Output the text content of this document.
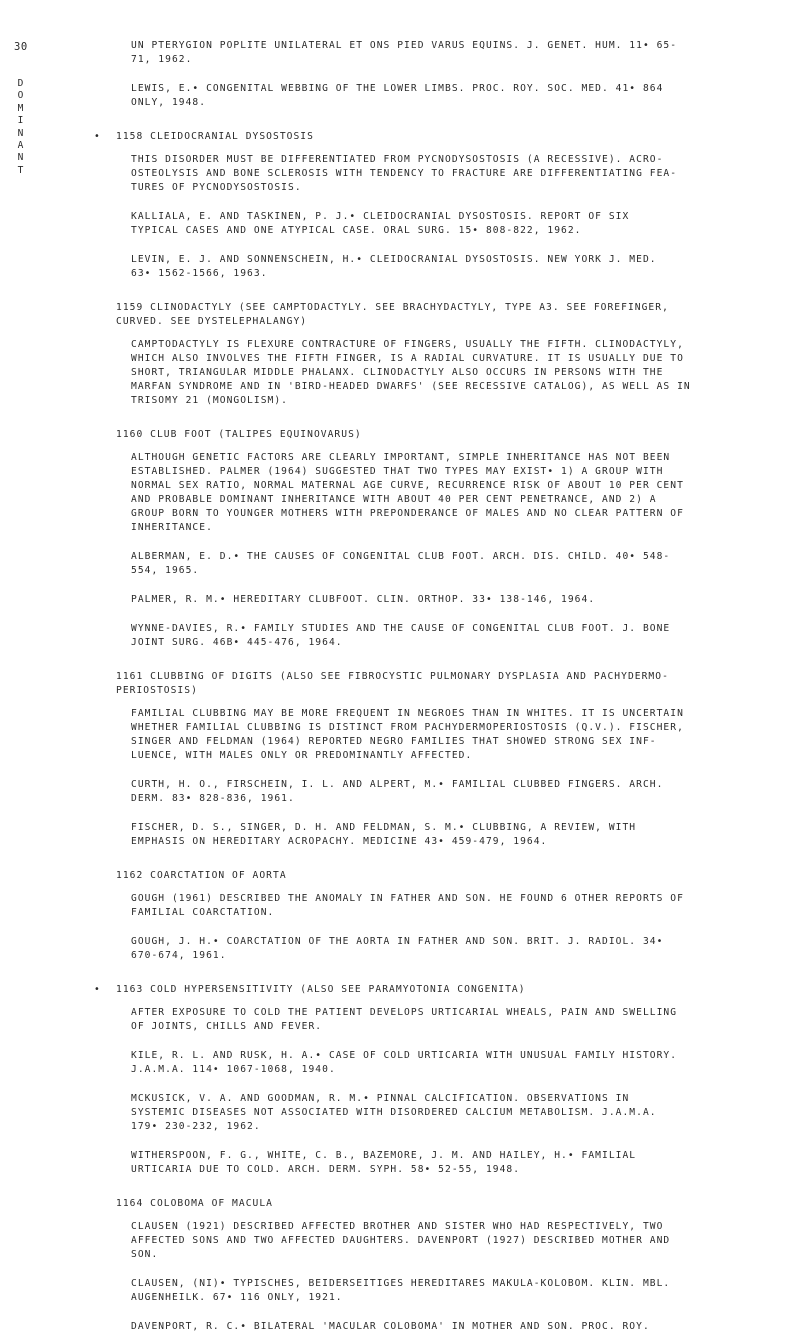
30
D
O
M
I
N
A
N
T

UN PTERYGION POPLITE UNILATERAL ET ONS PIED VARUS EQUINS. J. GENET. HUM. 11• 65-
71, 1962.

LEWIS, E.• CONGENITAL WEBBING OF THE LOWER LIMBS. PROC. ROY. SOC. MED. 41• 864
ONLY, 1948.

• 1158 CLEIDOCRANIAL DYSOSTOSIS

THIS DISORDER MUST BE DIFFERENTIATED FROM PYCNODYSOSTOSIS (A RECESSIVE). ACRO-
OSTEOLYSIS AND BONE SCLEROSIS WITH TENDENCY TO FRACTURE ARE DIFFERENTIATING FEA-
TURES OF PYCNODYSOSTOSIS.

KALLIALA, E. AND TASKINEN, P. J.• CLEIDOCRANIAL DYSOSTOSIS. REPORT OF SIX
TYPICAL CASES AND ONE ATYPICAL CASE. ORAL SURG. 15• 808-822, 1962.

LEVIN, E. J. AND SONNENSCHEIN, H.• CLEIDOCRANIAL DYSOSTOSIS. NEW YORK J. MED.
63• 1562-1566, 1963.

1159 CLINODACTYLY (SEE CAMPTODACTYLY. SEE BRACHYDACTYLY, TYPE A3. SEE FOREFINGER,
CURVED. SEE DYSTELEPHALANGY)

CAMPTODACTYLY IS FLEXURE CONTRACTURE OF FINGERS, USUALLY THE FIFTH. CLINODACTYLY,
WHICH ALSO INVOLVES THE FIFTH FINGER, IS A RADIAL CURVATURE. IT IS USUALLY DUE TO
SHORT, TRIANGULAR MIDDLE PHALANX. CLINODACTYLY ALSO OCCURS IN PERSONS WITH THE
MARFAN SYNDROME AND IN 'BIRD-HEADED DWARFS' (SEE RECESSIVE CATALOG), AS WELL AS IN
TRISOMY 21 (MONGOLISM).

1160 CLUB FOOT (TALIPES EQUINOVARUS)

ALTHOUGH GENETIC FACTORS ARE CLEARLY IMPORTANT, SIMPLE INHERITANCE HAS NOT BEEN
ESTABLISHED. PALMER (1964) SUGGESTED THAT TWO TYPES MAY EXIST• 1) A GROUP WITH
NORMAL SEX RATIO, NORMAL MATERNAL AGE CURVE, RECURRENCE RISK OF ABOUT 10 PER CENT
AND PROBABLE DOMINANT INHERITANCE WITH ABOUT 40 PER CENT PENETRANCE, AND 2) A
GROUP BORN TO YOUNGER MOTHERS WITH PREPONDERANCE OF MALES AND NO CLEAR PATTERN OF
INHERITANCE.

ALBERMAN, E. D.• THE CAUSES OF CONGENITAL CLUB FOOT. ARCH. DIS. CHILD. 40• 548-
554, 1965.

PALMER, R. M.• HEREDITARY CLUBFOOT. CLIN. ORTHOP. 33• 138-146, 1964.

WYNNE-DAVIES, R.• FAMILY STUDIES AND THE CAUSE OF CONGENITAL CLUB FOOT. J. BONE
JOINT SURG. 46B• 445-476, 1964.

1161 CLUBBING OF DIGITS (ALSO SEE FIBROCYSTIC PULMONARY DYSPLASIA AND PACHYDERMO-
PERIOSTOSIS)

FAMILIAL CLUBBING MAY BE MORE FREQUENT IN NEGROES THAN IN WHITES. IT IS UNCERTAIN
WHETHER FAMILIAL CLUBBING IS DISTINCT FROM PACHYDERMOPERIOSTOSIS (Q.V.). FISCHER,
SINGER AND FELDMAN (1964) REPORTED NEGRO FAMILIES THAT SHOWED STRONG SEX INF-
LUENCE, WITH MALES ONLY OR PREDOMINANTLY AFFECTED.

CURTH, H. O., FIRSCHEIN, I. L. AND ALPERT, M.• FAMILIAL CLUBBED FINGERS. ARCH.
DERM. 83• 828-836, 1961.

FISCHER, D. S., SINGER, D. H. AND FELDMAN, S. M.• CLUBBING, A REVIEW, WITH
EMPHASIS ON HEREDITARY ACROPACHY. MEDICINE 43• 459-479, 1964.

1162 COARCTATION OF AORTA

GOUGH (1961) DESCRIBED THE ANOMALY IN FATHER AND SON. HE FOUND 6 OTHER REPORTS OF
FAMILIAL COARCTATION.

GOUGH, J. H.• COARCTATION OF THE AORTA IN FATHER AND SON. BRIT. J. RADIOL. 34•
670-674, 1961.

• 1163 COLD HYPERSENSITIVITY (ALSO SEE PARAMYOTONIA CONGENITA)

AFTER EXPOSURE TO COLD THE PATIENT DEVELOPS URTICARIAL WHEALS, PAIN AND SWELLING
OF JOINTS, CHILLS AND FEVER.

KILE, R. L. AND RUSK, H. A.• CASE OF COLD URTICARIA WITH UNUSUAL FAMILY HISTORY.
J.A.M.A. 114• 1067-1068, 1940.

MCKUSICK, V. A. AND GOODMAN, R. M.• PINNAL CALCIFICATION. OBSERVATIONS IN
SYSTEMIC DISEASES NOT ASSOCIATED WITH DISORDERED CALCIUM METABOLISM. J.A.M.A.
179• 230-232, 1962.

WITHERSPOON, F. G., WHITE, C. B., BAZEMORE, J. M. AND HAILEY, H.• FAMILIAL
URTICARIA DUE TO COLD. ARCH. DERM. SYPH. 58• 52-55, 1948.

1164 COLOBOMA OF MACULA

CLAUSEN (1921) DESCRIBED AFFECTED BROTHER AND SISTER WHO HAD RESPECTIVELY, TWO
AFFECTED SONS AND TWO AFFECTED DAUGHTERS. DAVENPORT (1927) DESCRIBED MOTHER AND
SON.

CLAUSEN, (NI)• TYPISCHES, BEIDERSEITIGES HEREDITARES MAKULA-KOLOBOM. KLIN. MBL.
AUGENHEILK. 67• 116 ONLY, 1921.

DAVENPORT, R. C.• BILATERAL 'MACULAR COLOBOMA' IN MOTHER AND SON. PROC. ROY.
